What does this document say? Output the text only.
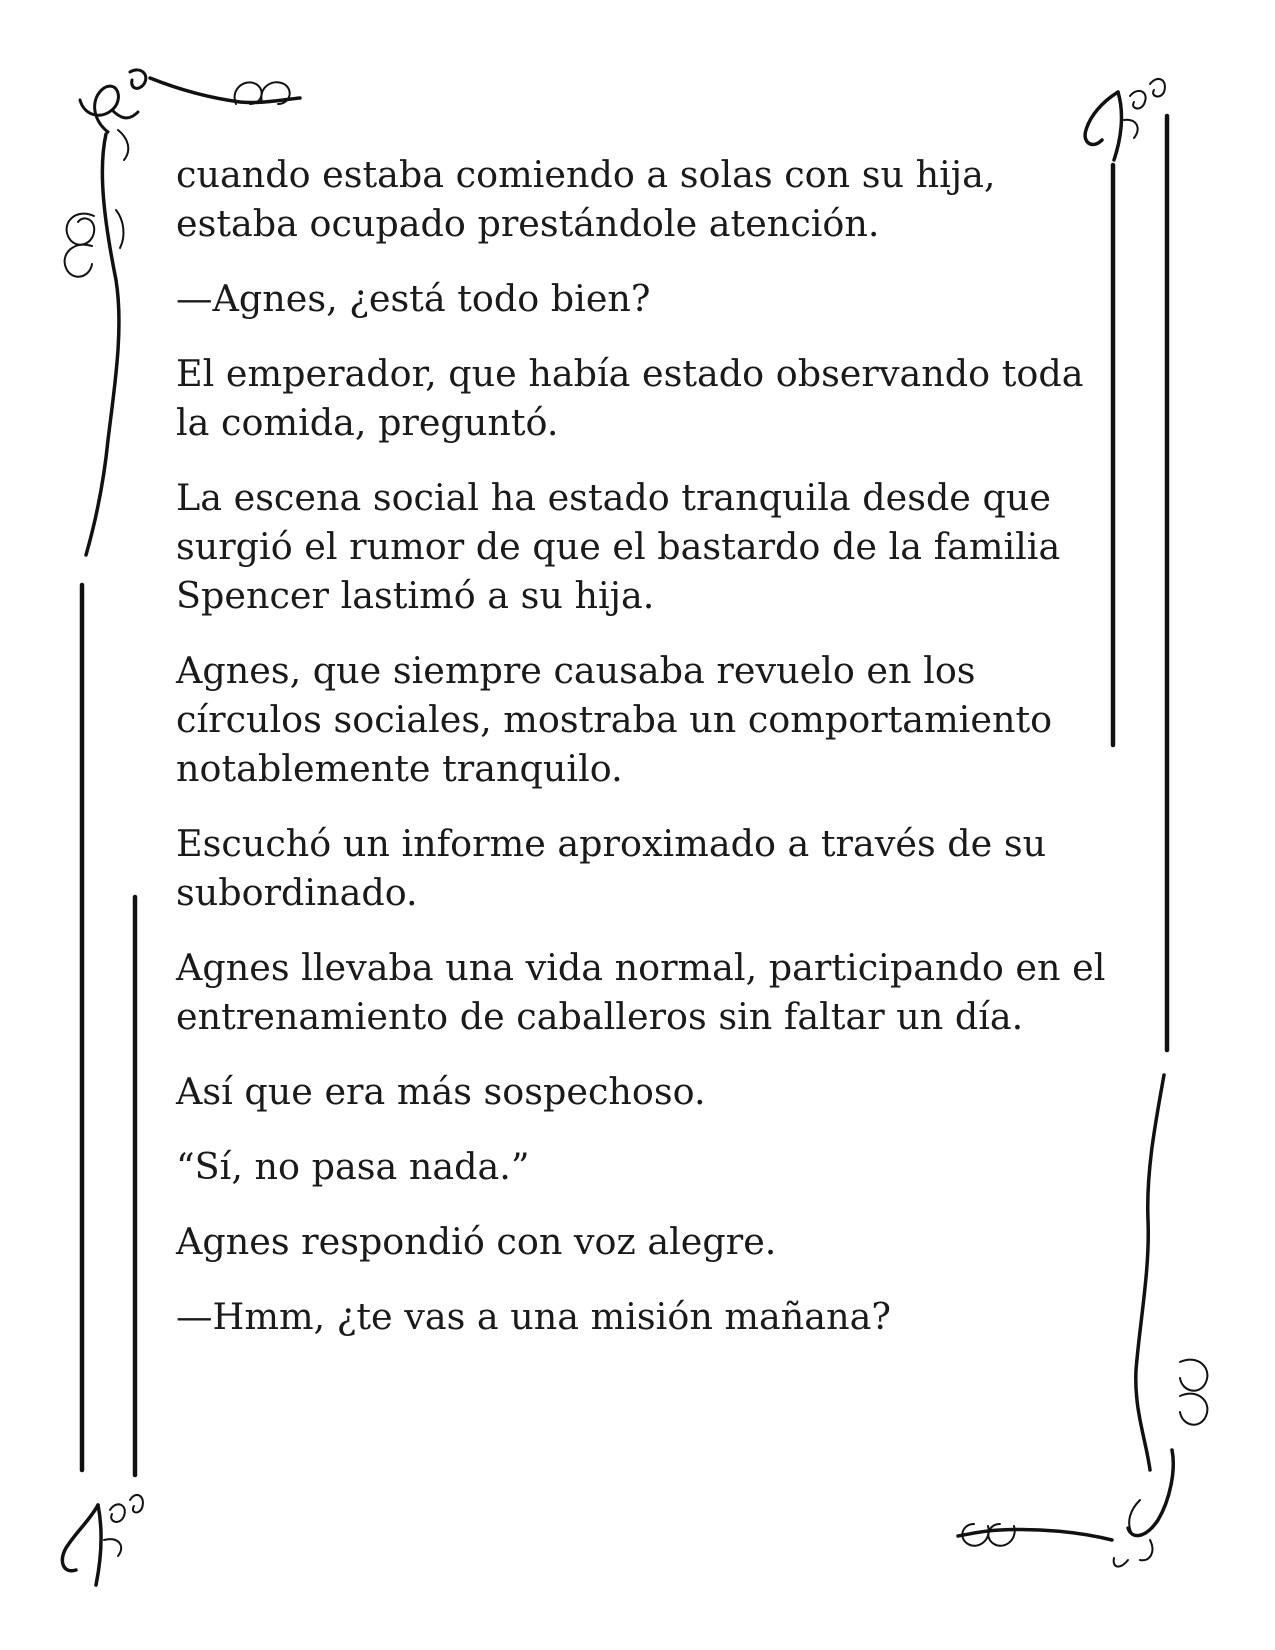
cuando estaba comiendo a solas con su hija, estaba ocupado prestándole atención.

—Agnes, ¿está todo bien?

El emperador, que había estado observando toda la comida, preguntó.

La escena social ha estado tranquila desde que surgió el rumor de que el bastardo de la familia Spencer lastimó a su hija.

Agnes, que siempre causaba revuelo en los círculos sociales, mostraba un comportamiento notablemente tranquilo.

Escuchó un informe aproximado a través de su subordinado.

Agnes llevaba una vida normal, participando en el entrenamiento de caballeros sin faltar un día.

Así que era más sospechoso.

“Sí, no pasa nada.”

Agnes respondió con voz alegre.

—Hmm, ¿te vas a una misión mañana?
